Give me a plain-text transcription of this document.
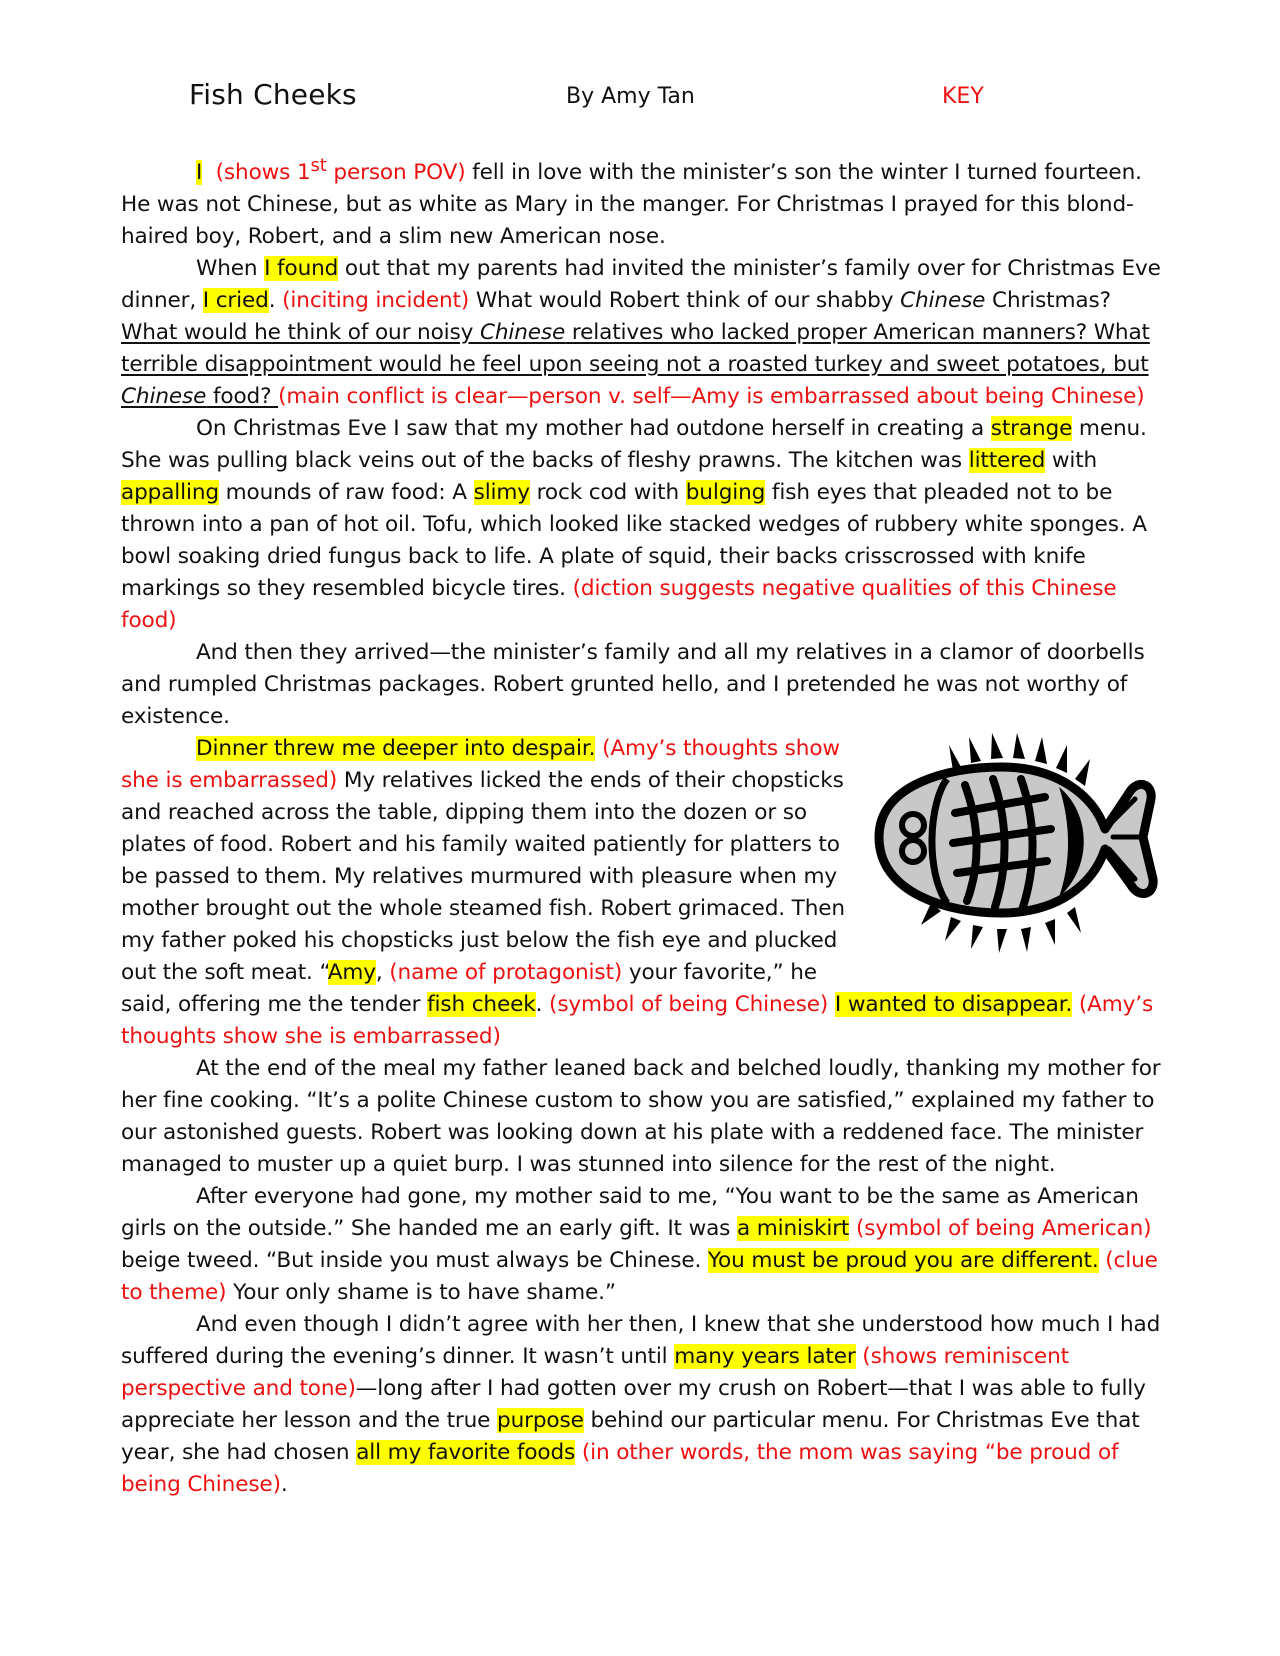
Fish Cheeks	By Amy Tan	KEY

I (shows 1st person POV) fell in love with the minister’s son the winter I turned fourteen. He was not Chinese, but as white as Mary in the manger. For Christmas I prayed for this blond-haired boy, Robert, and a slim new American nose.

When I found out that my parents had invited the minister’s family over for Christmas Eve dinner, I cried. (inciting incident) What would Robert think of our shabby Chinese Christmas? What would he think of our noisy Chinese relatives who lacked proper American manners? What terrible disappointment would he feel upon seeing not a roasted turkey and sweet potatoes, but Chinese food? (main conflict is clear—person v. self—Amy is embarrassed about being Chinese)

On Christmas Eve I saw that my mother had outdone herself in creating a strange menu. She was pulling black veins out of the backs of fleshy prawns. The kitchen was littered with appalling mounds of raw food: A slimy rock cod with bulging fish eyes that pleaded not to be thrown into a pan of hot oil. Tofu, which looked like stacked wedges of rubbery white sponges. A bowl soaking dried fungus back to life. A plate of squid, their backs crisscrossed with knife markings so they resembled bicycle tires. (diction suggests negative qualities of this Chinese food)

And then they arrived—the minister’s family and all my relatives in a clamor of doorbells and rumpled Christmas packages. Robert grunted hello, and I pretended he was not worthy of existence.

Dinner threw me deeper into despair. (Amy’s thoughts show she is embarrassed) My relatives licked the ends of their chopsticks and reached across the table, dipping them into the dozen or so plates of food. Robert and his family waited patiently for platters to be passed to them. My relatives murmured with pleasure when my mother brought out the whole steamed fish. Robert grimaced. Then my father poked his chopsticks just below the fish eye and plucked out the soft meat. “Amy, (name of protagonist) your favorite,” he said, offering me the tender fish cheek. (symbol of being Chinese) I wanted to disappear. (Amy’s thoughts show she is embarrassed)

At the end of the meal my father leaned back and belched loudly, thanking my mother for her fine cooking. “It’s a polite Chinese custom to show you are satisfied,” explained my father to our astonished guests. Robert was looking down at his plate with a reddened face. The minister managed to muster up a quiet burp. I was stunned into silence for the rest of the night.

After everyone had gone, my mother said to me, “You want to be the same as American girls on the outside.” She handed me an early gift. It was a miniskirt (symbol of being American) beige tweed. “But inside you must always be Chinese. You must be proud you are different. (clue to theme) Your only shame is to have shame.”

And even though I didn’t agree with her then, I knew that she understood how much I had suffered during the evening’s dinner. It wasn’t until many years later (shows reminiscent perspective and tone)—long after I had gotten over my crush on Robert—that I was able to fully appreciate her lesson and the true purpose behind our particular menu. For Christmas Eve that year, she had chosen all my favorite foods (in other words, the mom was saying “be proud of being Chinese).
